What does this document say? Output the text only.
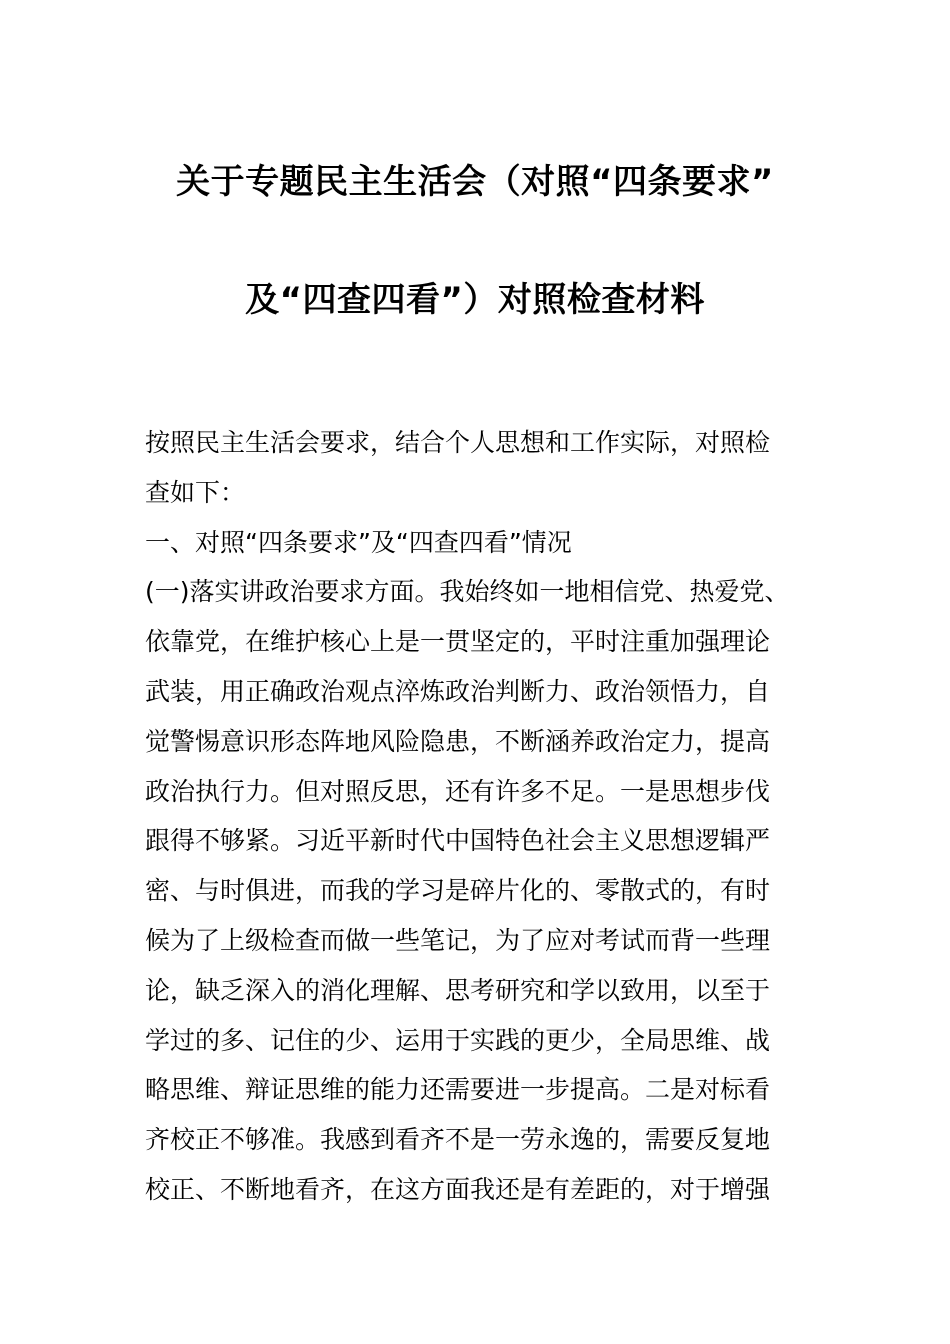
关于专题民主生活会（对照“四条要求”
及“四查四看”）对照检查材料
按照民主生活会要求，结合个人思想和工作实际，对照检
查如下：
一、对照“四条要求”及“四查四看”情况
(一)落实讲政治要求方面。我始终如一地相信党、热爱党、
依靠党，在维护核心上是一贯坚定的，平时注重加强理论
武装，用正确政治观点淬炼政治判断力、政治领悟力，自
觉警惕意识形态阵地风险隐患，不断涵养政治定力，提高
政治执行力。但对照反思，还有许多不足。一是思想步伐
跟得不够紧。习近平新时代中国特色社会主义思想逻辑严
密、与时俱进，而我的学习是碎片化的、零散式的，有时
候为了上级检查而做一些笔记，为了应对考试而背一些理
论，缺乏深入的消化理解、思考研究和学以致用，以至于
学过的多、记住的少、运用于实践的更少，全局思维、战
略思维、辩证思维的能力还需要进一步提高。二是对标看
齐校正不够准。我感到看齐不是一劳永逸的，需要反复地
校正、不断地看齐，在这方面我还是有差距的，对于增强
